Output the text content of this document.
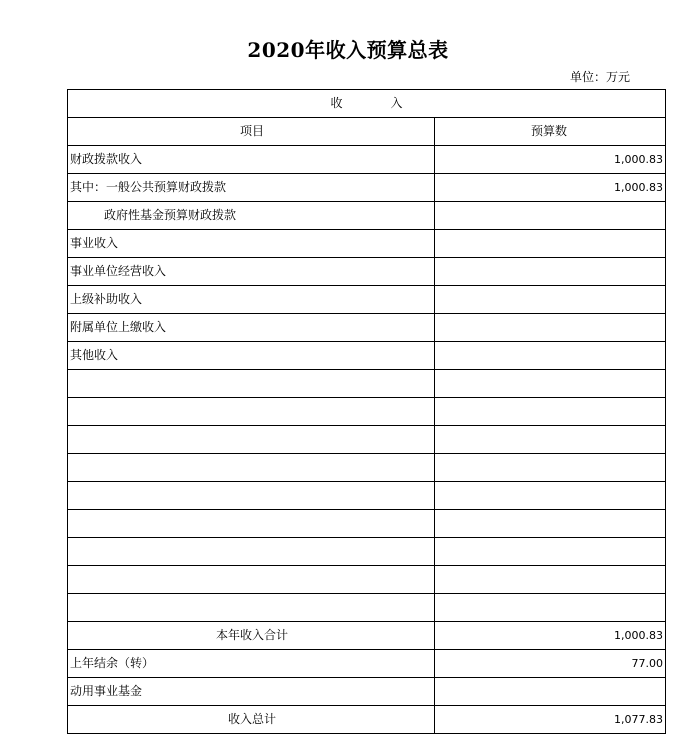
2020年收入预算总表
单位：万元
收 入	
项目	预算数
财政拨款收入	1,000.83
其中：一般公共预算财政拨款	1,000.83
政府性基金预算财政拨款	
事业收入	
事业单位经营收入	
上级补助收入	
附属单位上缴收入	
其他收入	

本年收入合计	1,000.83
上年结余（转）	77.00
动用事业基金	
收入总计	1,077.83
